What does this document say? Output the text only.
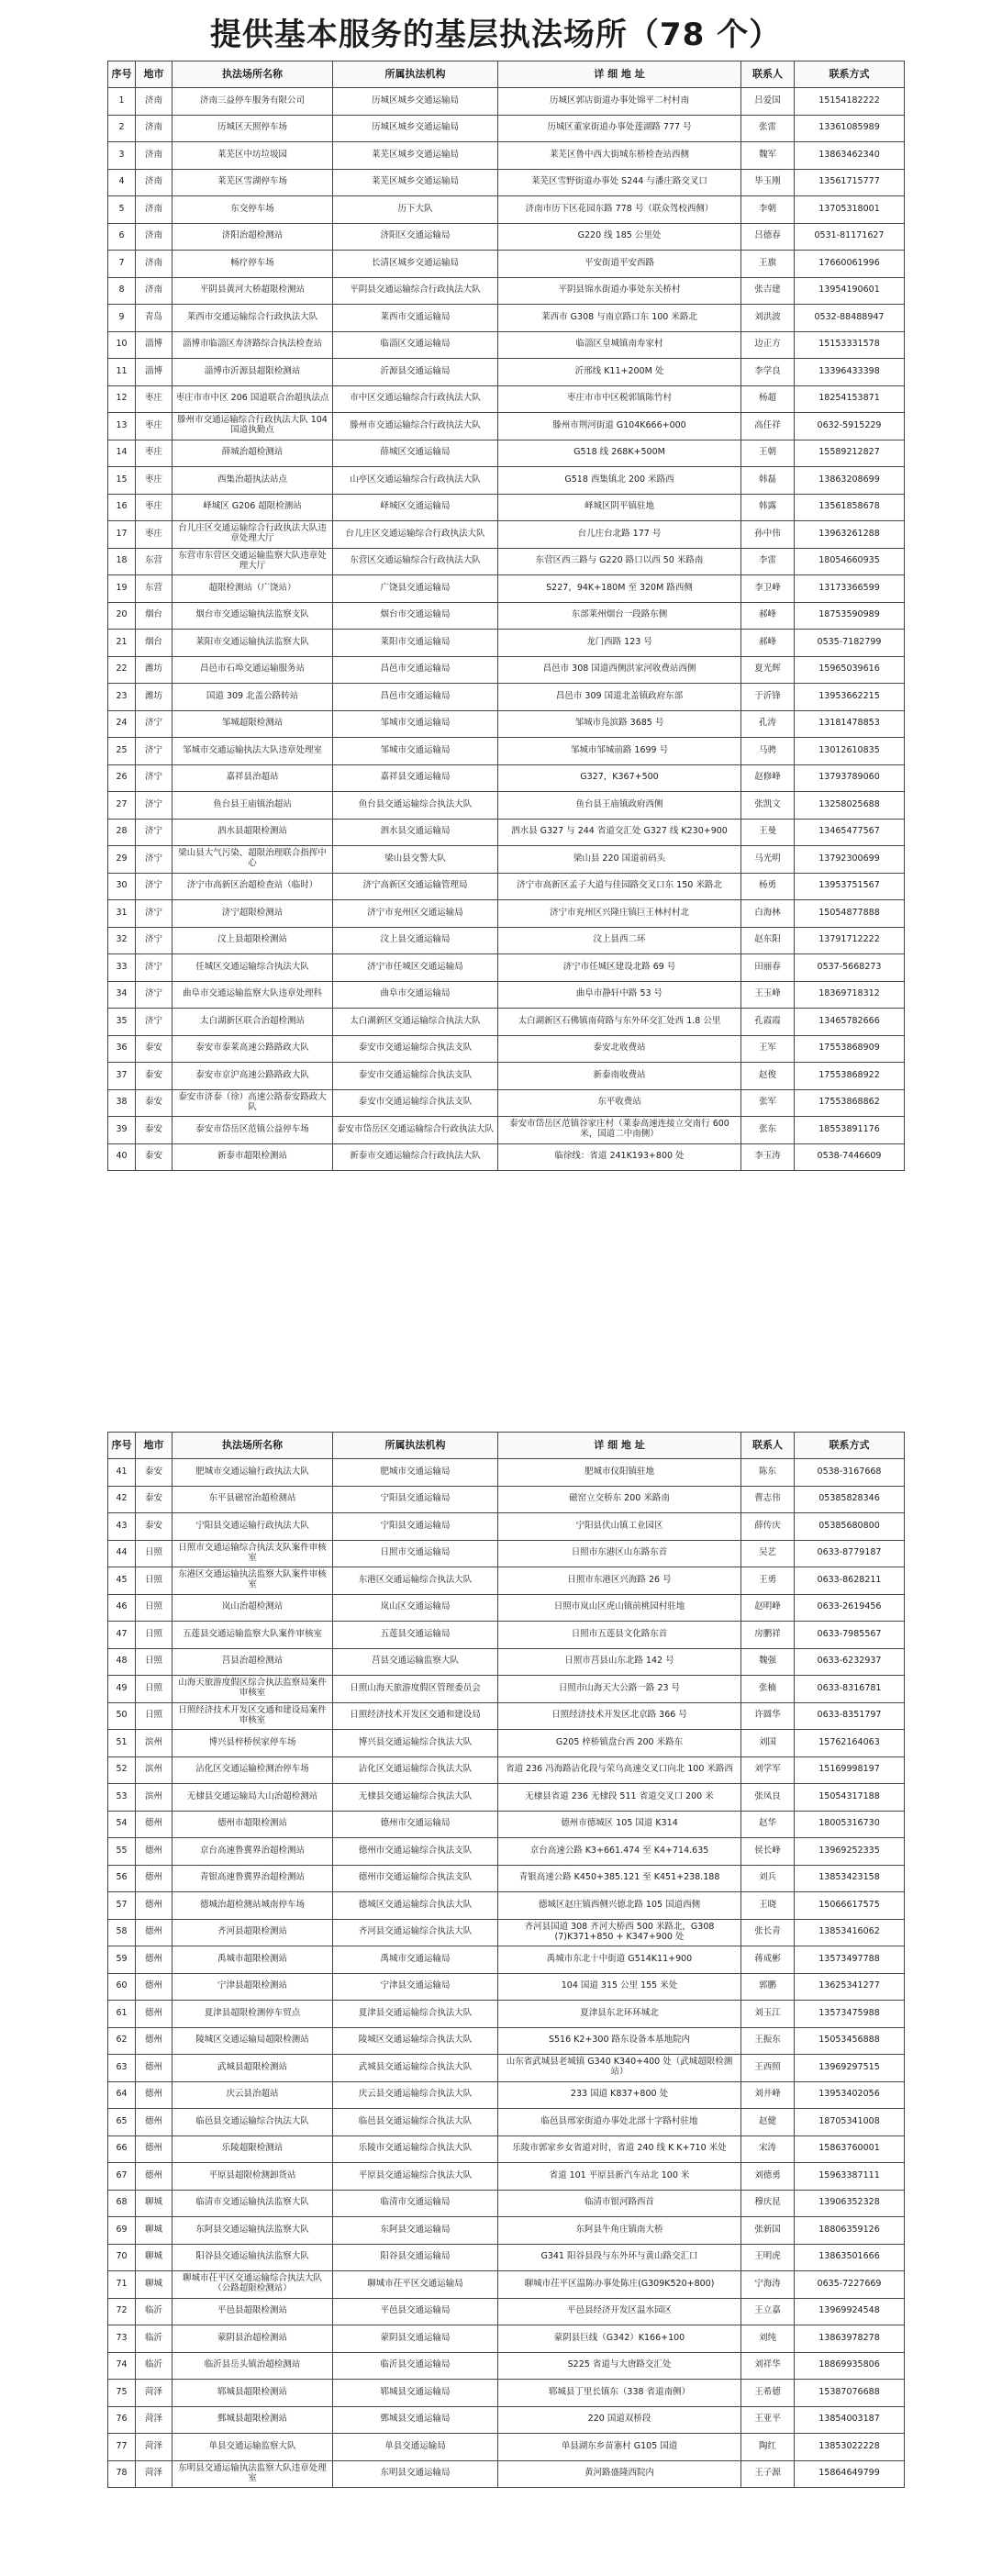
提供基本服务的基层执法场所（78 个）
序号	地市	执法场所名称	所属执法机构	详 细 地 址	联系人	联系方式
1	济南	济南三益停车服务有限公司	历城区城乡交通运输局	历城区郭店街道办事处锦平二村村南	吕爱国	15154182222
2	济南	历城区天照停车场	历城区城乡交通运输局	历城区董家街道办事处莲湖路 777 号	张雷	13361085989
3	济南	莱芜区中坊垃圾园	莱芜区城乡交通运输局	莱芜区鲁中西大街城东桥检查站西侧	魏军	13863462340
4	济南	莱芜区雪湖停车场	莱芜区城乡交通运输局	莱芜区雪野街道办事处 S244 与潘庄路交叉口	毕玉刚	13561715777
5	济南	东交停车场	历下大队	济南市历下区花园东路 778 号（联众驾校西侧）	李朝	13705318001
6	济南	济阳治超检测站	济阳区交通运输局	G220 线 185 公里处	吕德春	0531-81171627
7	济南	畅疗停车场	长清区城乡交通运输局	平安街道平安西路	王旗	17660061996
8	济南	平阴县黄河大桥超限检测站	平阴县交通运输综合行政执法大队	平阴县锦水街道办事处东关桥村	张吉建	13954190601
9	青岛	莱西市交通运输综合行政执法大队	莱西市交通运输局	莱西市 G308 与南京路口东 100 米路北	刘洪波	0532-88488947
10	淄博	淄博市临淄区寿济路综合执法检查站	临淄区交通运输局	临淄区皇城镇南寿家村	边正方	15153331578
11	淄博	淄博市沂源县超限检测站	沂源县交通运输局	沂邢线 K11+200M 处	李学良	13396433398
12	枣庄	枣庄市市中区 206 国道联合治超执法点	市中区交通运输综合行政执法大队	枣庄市市中区税郭镇陈竹村	杨超	18254153871
13	枣庄	滕州市交通运输综合行政执法大队 104 国道执勤点	滕州市交通运输综合行政执法大队	滕州市荆河街道 G104K666+000	高任祥	0632-5915229
14	枣庄	薛城治超检测站	薛城区交通运输局	G518 线 268K+500M	王朝	15589212827
15	枣庄	西集治超执法站点	山亭区交通运输综合行政执法大队	G518 西集镇北 200 米路西	韩磊	13863208699
16	枣庄	峄城区 G206 超限检测站	峄城区交通运输局	峄城区阴平镇驻地	韩露	13561858678
17	枣庄	台儿庄区交通运输综合行政执法大队违章处理大厅	台儿庄区交通运输综合行政执法大队	台儿庄台北路 177 号	孙中伟	13963261288
18	东营	东营市东营区交通运输监察大队违章处理大厅	东营区交通运输综合行政执法大队	东营区西三路与 G220 路口以西 50 米路南	李雷	18054660935
19	东营	超限检测站（广饶站）	广饶县交通运输局	S227，94K+180M 至 320M 路西侧	李卫峰	13173366599
20	烟台	烟台市交通运输执法监察支队	烟台市交通运输局	东部莱州烟台一段路东侧	郝峰	18753590989
21	烟台	莱阳市交通运输执法监察大队	莱阳市交通运输局	龙门西路 123 号	郝峰	0535-7182799
22	潍坊	昌邑市石埠交通运输服务站	昌邑市交通运输局	昌邑市 308 国道西侧洪家河收费站西侧	夏光辉	15965039616
23	潍坊	国道 309 北盖公路转站	昌邑市交通运输局	昌邑市 309 国道北盖镇政府东部	于沂锋	13953662215
24	济宁	邹城超限检测站	邹城市交通运输局	邹城市凫滨路 3685 号	孔涛	13181478853
25	济宁	邹城市交通运输执法大队违章处理室	邹城市交通运输局	邹城市邹城前路 1699 号	马骋	13012610835
26	济宁	嘉祥县治超站	嘉祥县交通运输局	G327，K367+500	赵修峰	13793789060
27	济宁	鱼台县王庙镇治超站	鱼台县交通运输综合执法大队	鱼台县王庙镇政府西侧	张凯文	13258025688
28	济宁	泗水县超限检测站	泗水县交通运输局	泗水县 G327 与 244 省道交汇处 G327 线 K230+900	王曼	13465477567
29	济宁	梁山县大气污染、超限治理联合指挥中心	梁山县交警大队	梁山县 220 国道前码头	马光明	13792300699
30	济宁	济宁市高新区治超检查站（临时）	济宁高新区交通运输管理局	济宁市高新区孟子大道与佳园路交叉口东 150 米路北	杨勇	13953751567
31	济宁	济宁超限检测站	济宁市兖州区交通运输局	济宁市兖州区兴隆庄镇巨王林村村北	白海林	15054877888
32	济宁	汶上县超限检测站	汶上县交通运输局	汶上县西二环	赵东阳	13791712222
33	济宁	任城区交通运输综合执法大队	济宁市任城区交通运输局	济宁市任城区建设北路 69 号	田丽春	0537-5668273
34	济宁	曲阜市交通运输监察大队违章处理科	曲阜市交通运输局	曲阜市静轩中路 53 号	王玉峰	18369718312
35	济宁	太白湖新区联合治超检测站	太白湖新区交通运输综合执法大队	太白湖新区石佛镇南荷路与东外环交汇处西 1.8 公里	孔霞霞	13465782666
36	泰安	泰安市泰莱高速公路路政大队	泰安市交通运输综合执法支队	泰安北收费站	王军	17553868909
37	泰安	泰安市京沪高速公路路政大队	泰安市交通运输综合执法支队	新泰南收费站	赵俊	17553868922
38	泰安	泰安市济泰（徐）高速公路泰安路政大队	泰安市交通运输综合执法支队	东平收费站	张军	17553868862
39	泰安	泰安市岱岳区范镇公益停车场	泰安市岱岳区交通运输综合行政执法大队	泰安市岱岳区范镇谷家庄村（莱泰高速连接立交南行 600 米，国道二中南侧）	张东	18553891176
40	泰安	新泰市超限检测站	新泰市交通运输综合行政执法大队	临徐线：省道 241K193+800 处	李玉涛	0538-7446609
序号	地市	执法场所名称	所属执法机构	详 细 地 址	联系人	联系方式
41	泰安	肥城市交通运输行政执法大队	肥城市交通运输局	肥城市仪阳镇驻地	陈东	0538-3167668
42	泰安	东平县磁窑治超检测站	宁阳县交通运输局	磁窑立交桥东 200 米路南	曹志伟	05385828346
43	泰安	宁阳县交通运输行政执法大队	宁阳县交通运输局	宁阳县伏山镇工业园区	薛传庆	05385680800
44	日照	日照市交通运输综合执法支队案件审核室	日照市交通运输局	日照市东港区山东路东首	吴艺	0633-8779187
45	日照	东港区交通运输执法监察大队案件审核室	东港区交通运输综合执法大队	日照市东港区兴海路 26 号	王勇	0633-8628211
46	日照	岚山治超检测站	岚山区交通运输局	日照市岚山区虎山镇前桃园村驻地	赵明峰	0633-2619456
47	日照	五莲县交通运输监察大队案件审核室	五莲县交通运输局	日照市五莲县文化路东首	房鹏祥	0633-7985567
48	日照	莒县治超检测站	莒县交通运输监察大队	日照市莒县山东北路 142 号	魏强	0633-6232937
49	日照	山海天旅游度假区综合执法监察局案件审核室	日照山海天旅游度假区管理委员会	日照市山海天大公路一路 23 号	张楠	0633-8316781
50	日照	日照经济技术开发区交通和建设局案件审核室	日照经济技术开发区交通和建设局	日照经济技术开发区北京路 366 号	许圆华	0633-8351797
51	滨州	博兴县梓桥侯家停车场	博兴县交通运输综合执法大队	G205 梓桥镇盘台西 200 米路东	刘国	15762164063
52	滨州	沾化区交通运输检测治停车场	沾化区交通运输综合执法大队	省道 236 冯海路沾化段与荣乌高速交叉口向北 100 米路西	刘学军	15169998197
53	滨州	无棣县交通运输局大山治超检测站	无棣县交通运输综合执法大队	无棣县省道 236 无棣段 511 省道交叉口 200 米	张凤良	15054317188
54	德州	德州市超限检测站	德州市交通运输局	德州市德城区 105 国道 K314	赵华	18005316730
55	德州	京台高速鲁冀界治超检测站	德州市交通运输综合执法支队	京台高速公路 K3+661.474 至 K4+714.635	侯长峰	13969252335
56	德州	青银高速鲁冀界治超检测站	德州市交通运输综合执法支队	青银高速公路 K450+385.121 至 K451+238.188	刘兵	13853423158
57	德州	德城治超检测站城南停车场	德城区交通运输综合执法大队	德城区赵庄镇西侧兴德北路 105 国道西侧	王晓	15066617575
58	德州	齐河县超限检测站	齐河县交通运输综合执法大队	齐河县国道 308 齐河大桥西 500 米路北，G308 (7)K371+850 + K347+900 处	张长青	13853416062
59	德州	禹城市超限检测站	禹城市交通运输局	禹城市东北十中街道 G514K11+900	蒋成彬	13573497788
60	德州	宁津县超限检测站	宁津县交通运输局	104 国道 315 公里 155 米处	郭鹏	13625341277
61	德州	夏津县超限检测停车贸点	夏津县交通运输综合执法大队	夏津县东北环环城北	刘玉江	13573475988
62	德州	陵城区交通运输局超限检测站	陵城区交通运输综合执法大队	S516 K2+300 路东设备本基地院内	王振东	15053456888
63	德州	武城县超限检测站	武城县交通运输综合执法大队	山东省武城县老城镇 G340 K340+400 处（武城超限检测站）	王西照	13969297515
64	德州	庆云县治超站	庆云县交通运输综合执法大队	233 国道 K837+800 处	刘井峰	13953402056
65	德州	临邑县交通运输综合执法大队	临邑县交通运输综合执法大队	临邑县邢家街道办事处北部十字路村驻地	赵健	18705341008
66	德州	乐陵超限检测站	乐陵市交通运输综合执法大队	乐陵市郭家乡女省道对时，省道 240 线 K K+710 米处	宋涛	15863760001
67	德州	平原县超限检测卸货站	平原县交通运输综合执法大队	省道 101 平原县新汽车站北 100 米	刘德勇	15963387111
68	聊城	临清市交通运输执法监察大队	临清市交通运输局	临清市银河路西首	穆庆昆	13906352328
69	聊城	东阿县交通运输执法监察大队	东阿县交通运输局	东阿县牛角庄镇南大桥	张新国	18806359126
70	聊城	阳谷县交通运输执法监察大队	阳谷县交通运输局	G341 阳谷县段与东外环与黄山路交汇口	王明虎	13863501666
71	聊城	聊城市茌平区交通运输综合执法大队（公路超限检测站）	聊城市茌平区交通运输局	聊城市茌平区温陈办事处陈庄(G309K520+800)	宁海涛	0635-7227669
72	临沂	平邑县超限检测站	平邑县交通运输局	平邑县经济开发区温水园区	王立嘉	13969924548
73	临沂	蒙阴县治超检测站	蒙阴县交通运输局	蒙阴县巨线（G342）K166+100	刘纯	13863978278
74	临沂	临沂县岳头镇治超检测站	临沂县交通运输局	S225 省道与大唐路交汇处	刘祥华	18869935806
75	菏泽	郓城县超限检测站	郓城县交通运输局	郓城县丁里长镇东（338 省道南侧）	王希德	15387076688
76	菏泽	鄄城县超限检测站	鄄城县交通运输局	220 国道双桥段	王亚平	13854003187
77	菏泽	单县交通运输监察大队	单县交通运输局	单县湖东乡苗寨村 G105 国道	陶红	13853022228
78	菏泽	东明县交通运输执法监察大队违章处理室	东明县交通运输局	黄河路盛隆西院内	王子源	15864649799
